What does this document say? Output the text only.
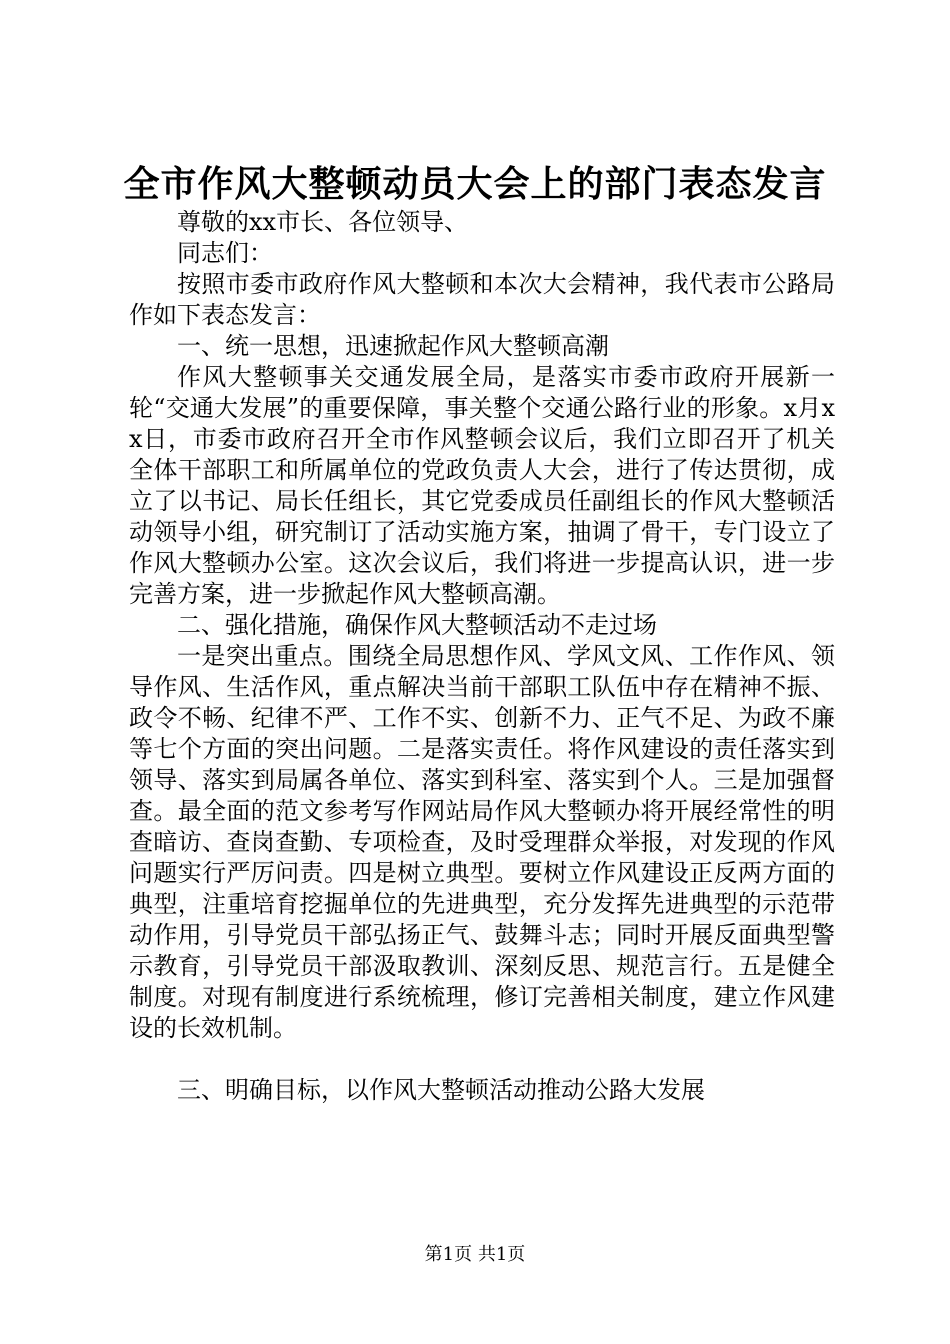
全市作风大整顿动员大会上的部门表态发言

尊敬的xx市长、各位领导、

同志们：

按照市委市政府作风大整顿和本次大会精神，我代表市公路局作如下表态发言：

一、统一思想，迅速掀起作风大整顿高潮

作风大整顿事关交通发展全局，是落实市委市政府开展新一轮“交通大发展”的重要保障，事关整个交通公路行业的形象。x月xx日，市委市政府召开全市作风整顿会议后，我们立即召开了机关全体干部职工和所属单位的党政负责人大会，进行了传达贯彻，成立了以书记、局长任组长，其它党委成员任副组长的作风大整顿活动领导小组，研究制订了活动实施方案，抽调了骨干，专门设立了作风大整顿办公室。这次会议后，我们将进一步提高认识，进一步完善方案，进一步掀起作风大整顿高潮。

二、强化措施，确保作风大整顿活动不走过场

一是突出重点。围绕全局思想作风、学风文风、工作作风、领导作风、生活作风，重点解决当前干部职工队伍中存在精神不振、政令不畅、纪律不严、工作不实、创新不力、正气不足、为政不廉等七个方面的突出问题。二是落实责任。将作风建设的责任落实到领导、落实到局属各单位、落实到科室、落实到个人。三是加强督查。最全面的范文参考写作网站局作风大整顿办将开展经常性的明查暗访、查岗查勤、专项检查，及时受理群众举报，对发现的作风问题实行严厉问责。四是树立典型。要树立作风建设正反两方面的典型，注重培育挖掘单位的先进典型，充分发挥先进典型的示范带动作用，引导党员干部弘扬正气、鼓舞斗志；同时开展反面典型警示教育，引导党员干部汲取教训、深刻反思、规范言行。五是健全制度。对现有制度进行系统梳理，修订完善相关制度，建立作风建设的长效机制。

三、明确目标，以作风大整顿活动推动公路大发展

第1页 共1页
